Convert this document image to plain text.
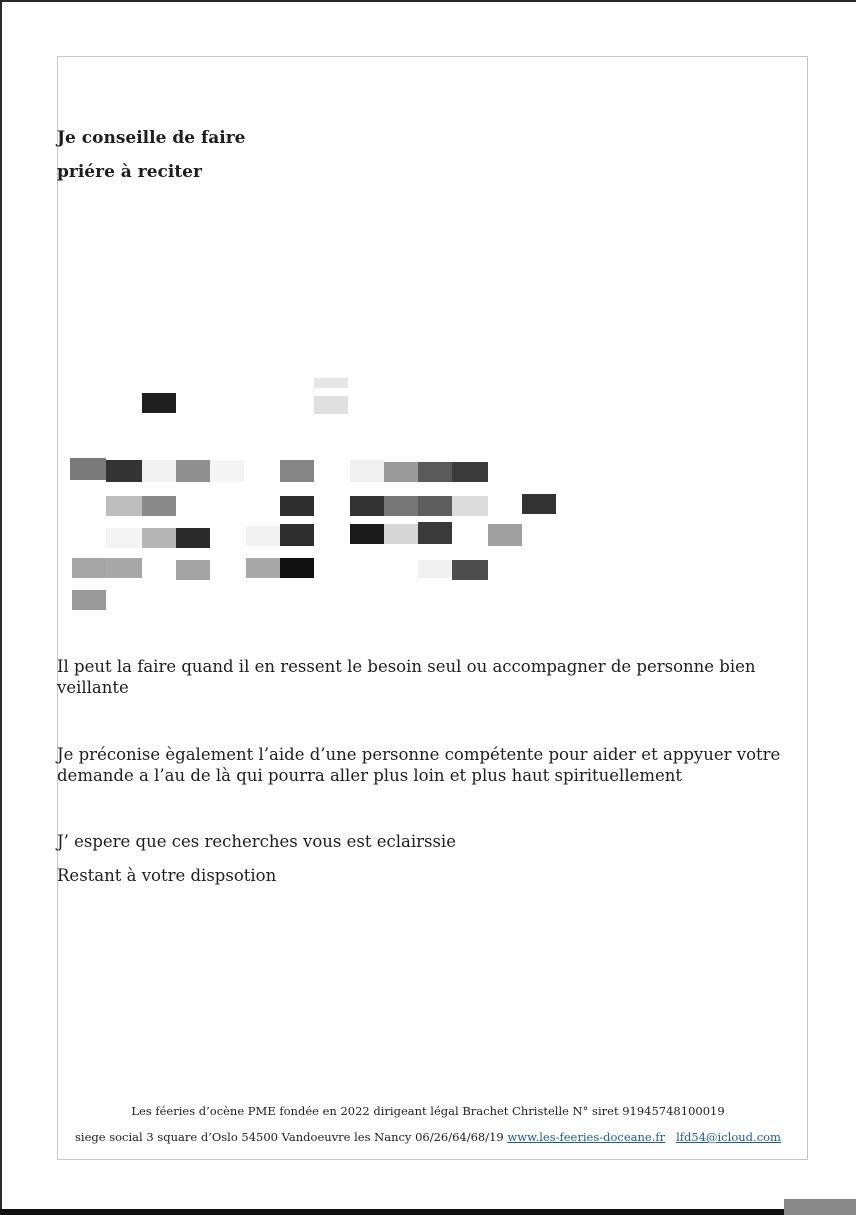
Je conseille de faire
priére à reciter
Il peut la faire quand il en ressent le besoin seul ou accompagner de personne bien veillante
Je préconise ègalement l’aide d’une personne compétente pour aider et appyuer votre demande a l’au de là qui pourra aller plus loin et plus haut spirituellement
J’ espere que ces recherches vous est eclairssie
Restant à votre dispsotion
Les féeries d’ocène PME fondée en 2022 dirigeant légal Brachet Christelle N° siret 91945748100019
siege social 3 square d’Oslo 54500 Vandoeuvre les Nancy 06/26/64/68/19 www.les-feeries-doceane.fr lfd54@icloud.com
